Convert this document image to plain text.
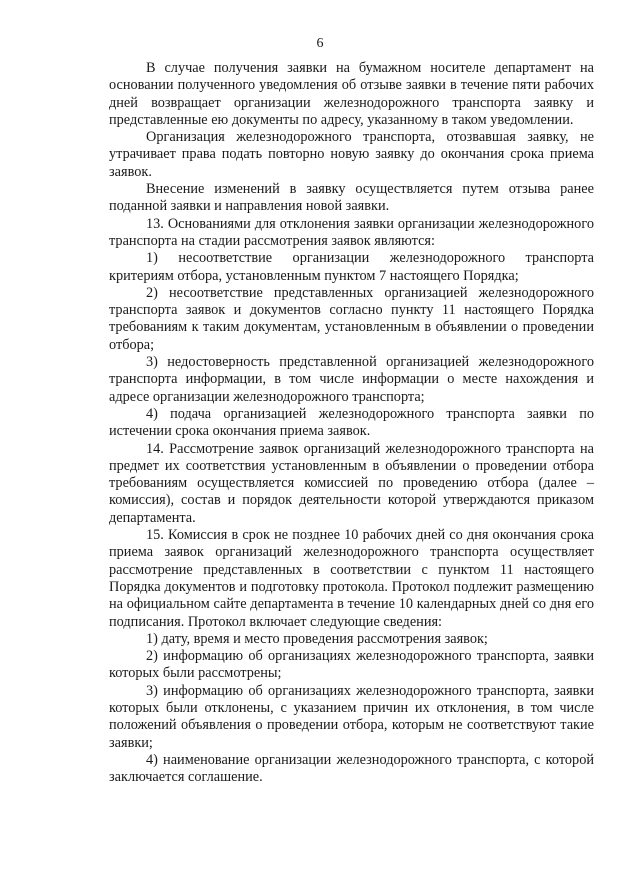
6

В случае получения заявки на бумажном носителе департамент на основании полученного уведомления об отзыве заявки в течение пяти рабочих дней возвращает организации железнодорожного транспорта заявку и представленные ею документы по адресу, указанному в таком уведомлении.

Организация железнодорожного транспорта, отозвавшая заявку, не утрачивает права подать повторно новую заявку до окончания срока приема заявок.

Внесение изменений в заявку осуществляется путем отзыва ранее поданной заявки и направления новой заявки.

13. Основаниями для отклонения заявки организации железнодорожного транспорта на стадии рассмотрения заявок являются:

1) несоответствие организации железнодорожного транспорта критериям отбора, установленным пунктом 7 настоящего Порядка;

2) несоответствие представленных организацией железнодорожного транспорта заявок и документов согласно пункту 11 настоящего Порядка требованиям к таким документам, установленным в объявлении о проведении отбора;

3) недостоверность представленной организацией железнодорожного транспорта информации, в том числе информации о месте нахождения и адресе организации железнодорожного транспорта;

4) подача организацией железнодорожного транспорта заявки по истечении срока окончания приема заявок.

14. Рассмотрение заявок организаций железнодорожного транспорта на предмет их соответствия установленным в объявлении о проведении отбора требованиям осуществляется комиссией по проведению отбора (далее – комиссия), состав и порядок деятельности которой утверждаются приказом департамента.

15. Комиссия в срок не позднее 10 рабочих дней со дня окончания срока приема заявок организаций железнодорожного транспорта осуществляет рассмотрение представленных в соответствии с пунктом 11 настоящего Порядка документов и подготовку протокола. Протокол подлежит размещению на официальном сайте департамента в течение 10 календарных дней со дня его подписания. Протокол включает следующие сведения:

1) дату, время и место проведения рассмотрения заявок;

2) информацию об организациях железнодорожного транспорта, заявки которых были рассмотрены;

3) информацию об организациях железнодорожного транспорта, заявки которых были отклонены, с указанием причин их отклонения, в том числе положений объявления о проведении отбора, которым не соответствуют такие заявки;

4) наименование организации железнодорожного транспорта, с которой заключается соглашение.
